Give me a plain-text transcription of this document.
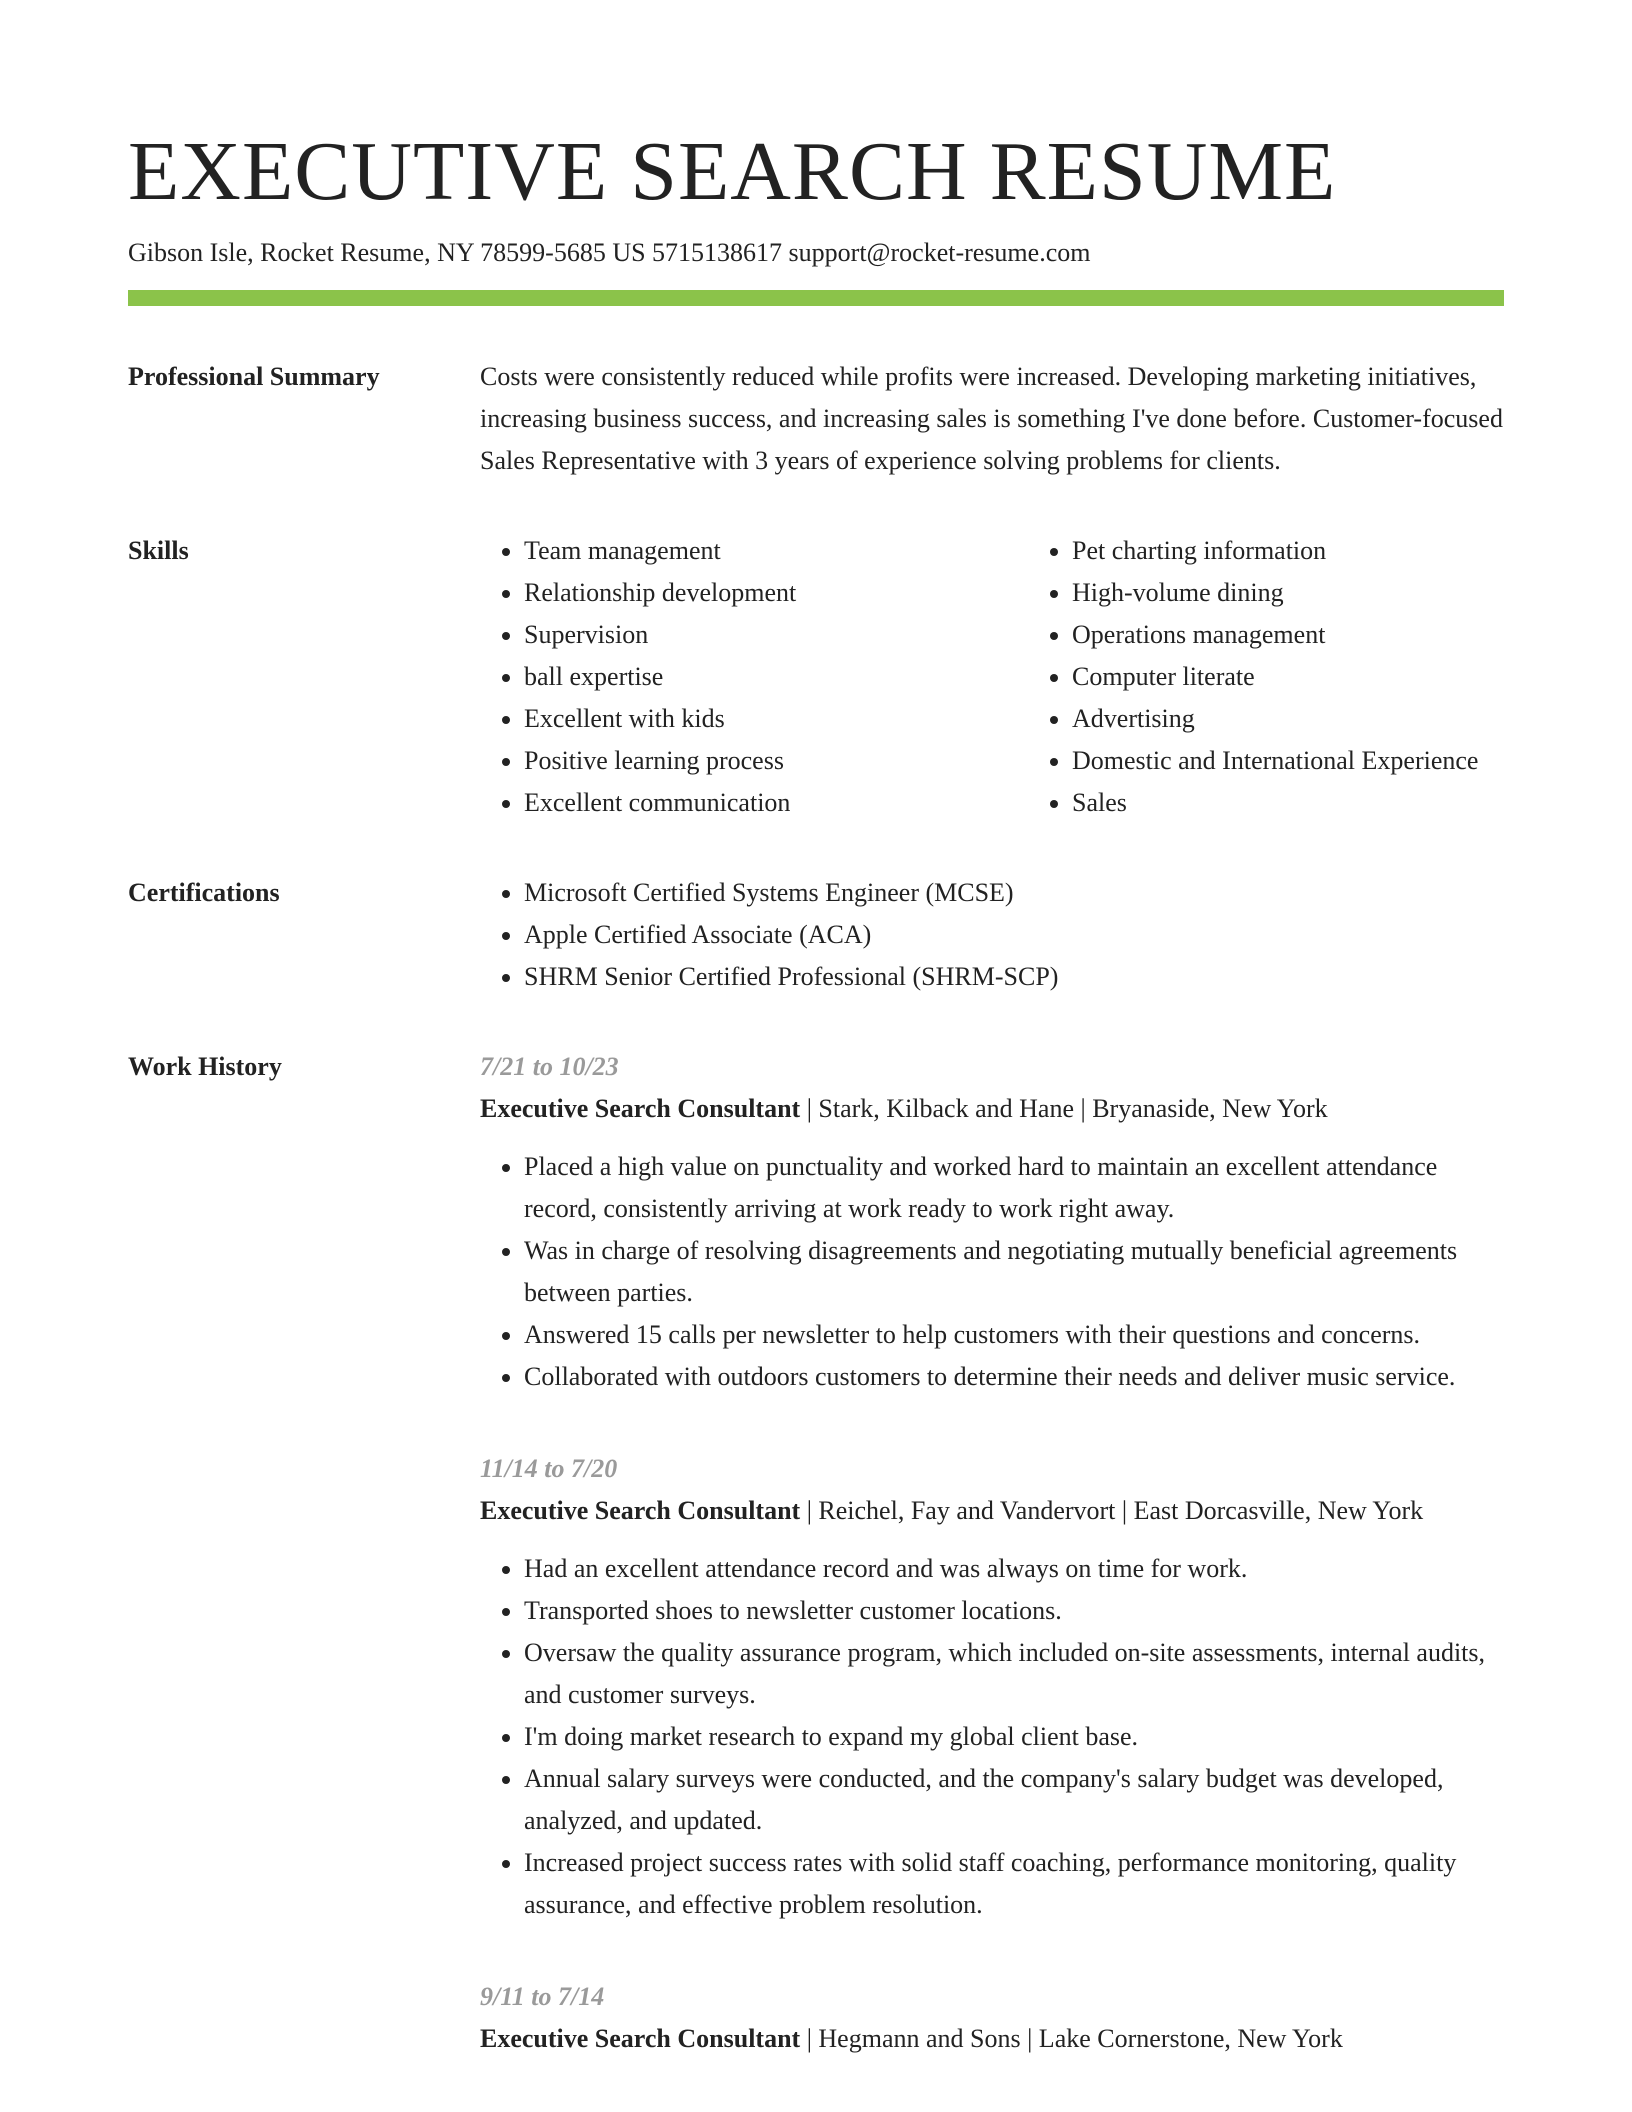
EXECUTIVE SEARCH RESUME
Gibson Isle, Rocket Resume, NY 78599-5685 US 5715138617 support@rocket-resume.com
Professional Summary	Costs were consistently reduced while profits were increased. Developing marketing initiatives, increasing business success, and increasing sales is something I've done before. Customer-focused Sales Representative with 3 years of experience solving problems for clients.

Skills	• Team management
• Relationship development
• Supervision
• ball expertise
• Excellent with kids
• Positive learning process
• Excellent communication
• Pet charting information
• High-volume dining
• Operations management
• Computer literate
• Advertising
• Domestic and International Experience
• Sales
Certifications	• Microsoft Certified Systems Engineer (MCSE)
• Apple Certified Associate (ACA)
• SHRM Senior Certified Professional (SHRM-SCP)
Work History	7/21 to 10/23
Executive Search Consultant | Stark, Kilback and Hane | Bryanaside, New York
• Placed a high value on punctuality and worked hard to maintain an excellent attendance record, consistently arriving at work ready to work right away.
• Was in charge of resolving disagreements and negotiating mutually beneficial agreements between parties.
• Answered 15 calls per newsletter to help customers with their questions and concerns.
• Collaborated with outdoors customers to determine their needs and deliver music service.
11/14 to 7/20
Executive Search Consultant | Reichel, Fay and Vandervort | East Dorcasville, New York
• Had an excellent attendance record and was always on time for work.
• Transported shoes to newsletter customer locations.
• Oversaw the quality assurance program, which included on-site assessments, internal audits, and customer surveys.
• I'm doing market research to expand my global client base.
• Annual salary surveys were conducted, and the company's salary budget was developed, analyzed, and updated.
• Increased project success rates with solid staff coaching, performance monitoring, quality assurance, and effective problem resolution.
9/11 to 7/14
Executive Search Consultant | Hegmann and Sons | Lake Cornerstone, New York
